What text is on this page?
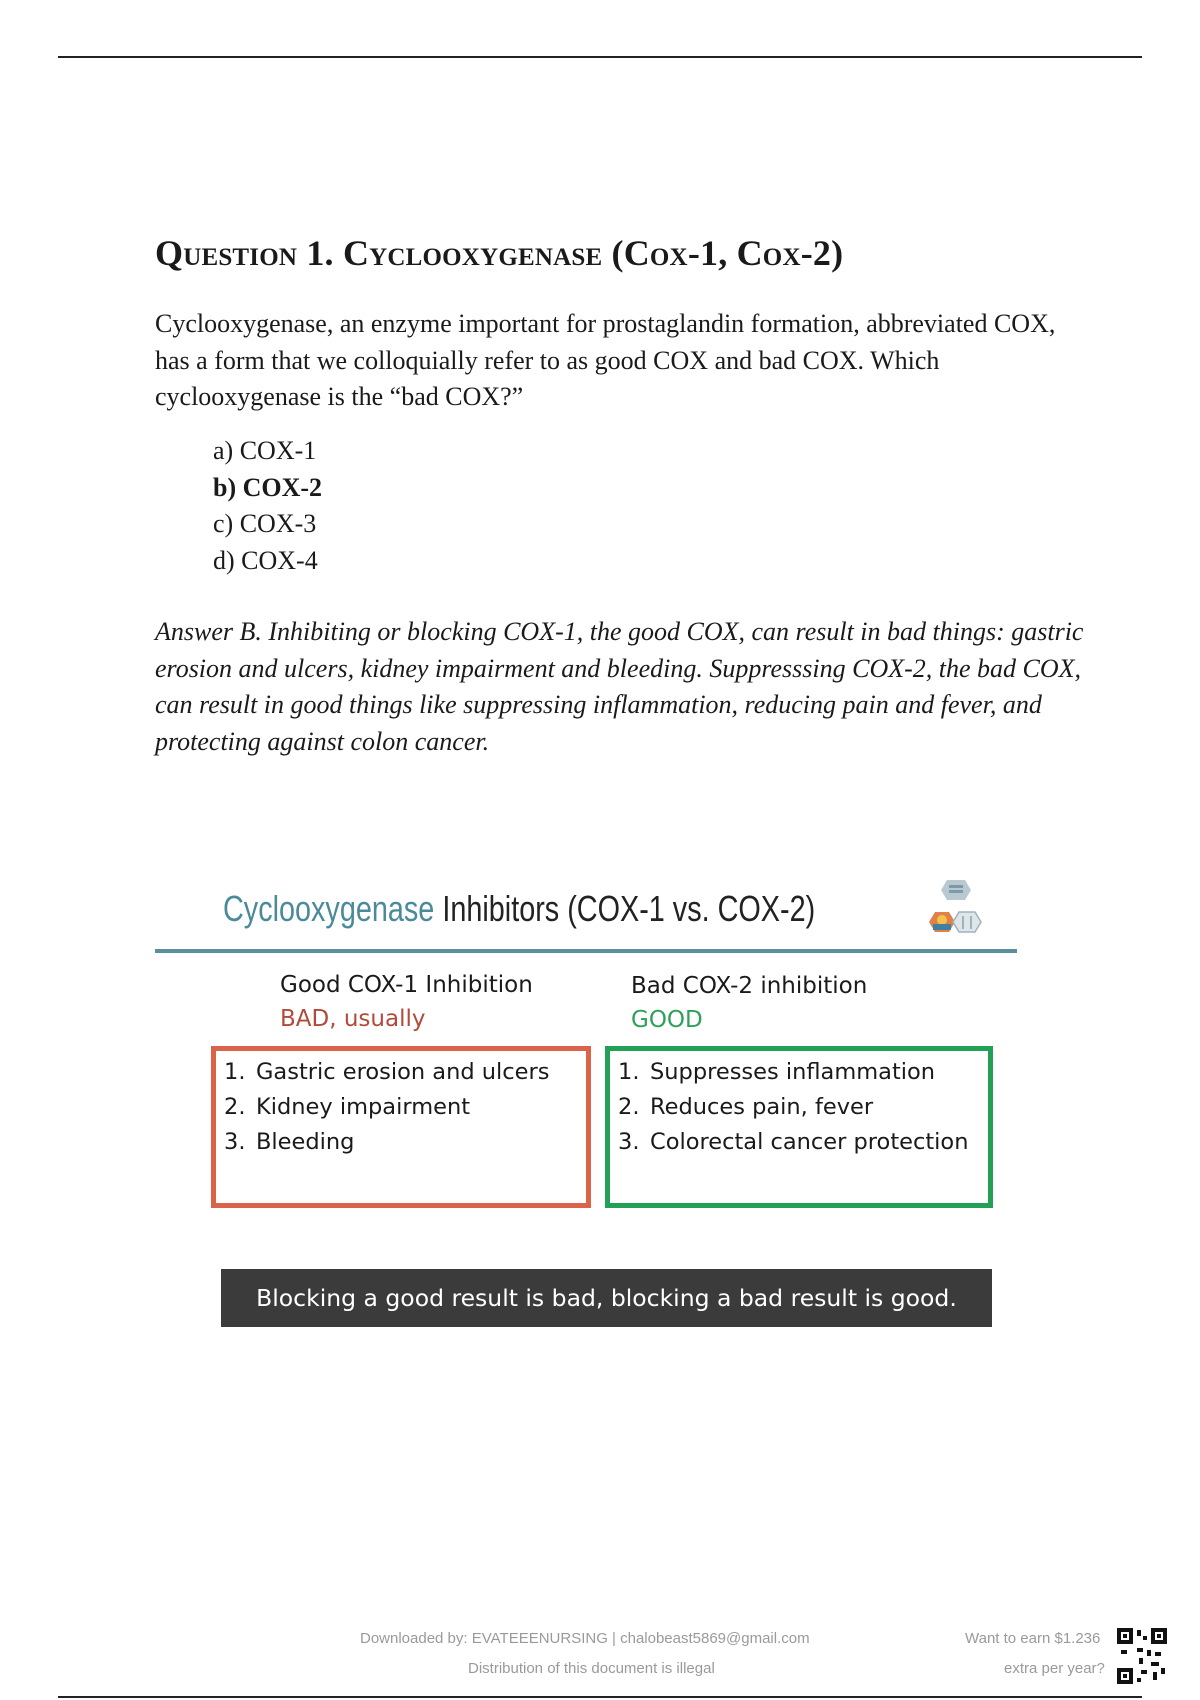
Question 1. Cyclooxygenase (Cox-1, Cox-2)

Cyclooxygenase, an enzyme important for prostaglandin formation, abbreviated COX, has a form that we colloquially refer to as good COX and bad COX. Which cyclooxygenase is the “bad COX?”

a) COX-1
b) COX-2
c) COX-3
d) COX-4

Answer B. Inhibiting or blocking COX-1, the good COX, can result in bad things: gastric erosion and ulcers, kidney impairment and bleeding. Suppresssing COX-2, the bad COX, can result in good things like suppressing inflammation, reducing pain and fever, and protecting against colon cancer.

Cyclooxygenase Inhibitors (COX-1 vs. COX-2)
Good COX-1 Inhibition
BAD, usually
Bad COX-2 inhibition
GOOD
1. Gastric erosion and ulcers
2. Kidney impairment
3. Bleeding
1. Suppresses inflammation
2. Reduces pain, fever
3. Colorectal cancer protection
Blocking a good result is bad, blocking a bad result is good.
Downloaded by: EVATEEENURSING | chalobeast5869@gmail.com
Distribution of this document is illegal
Want to earn $1.236
extra per year?
